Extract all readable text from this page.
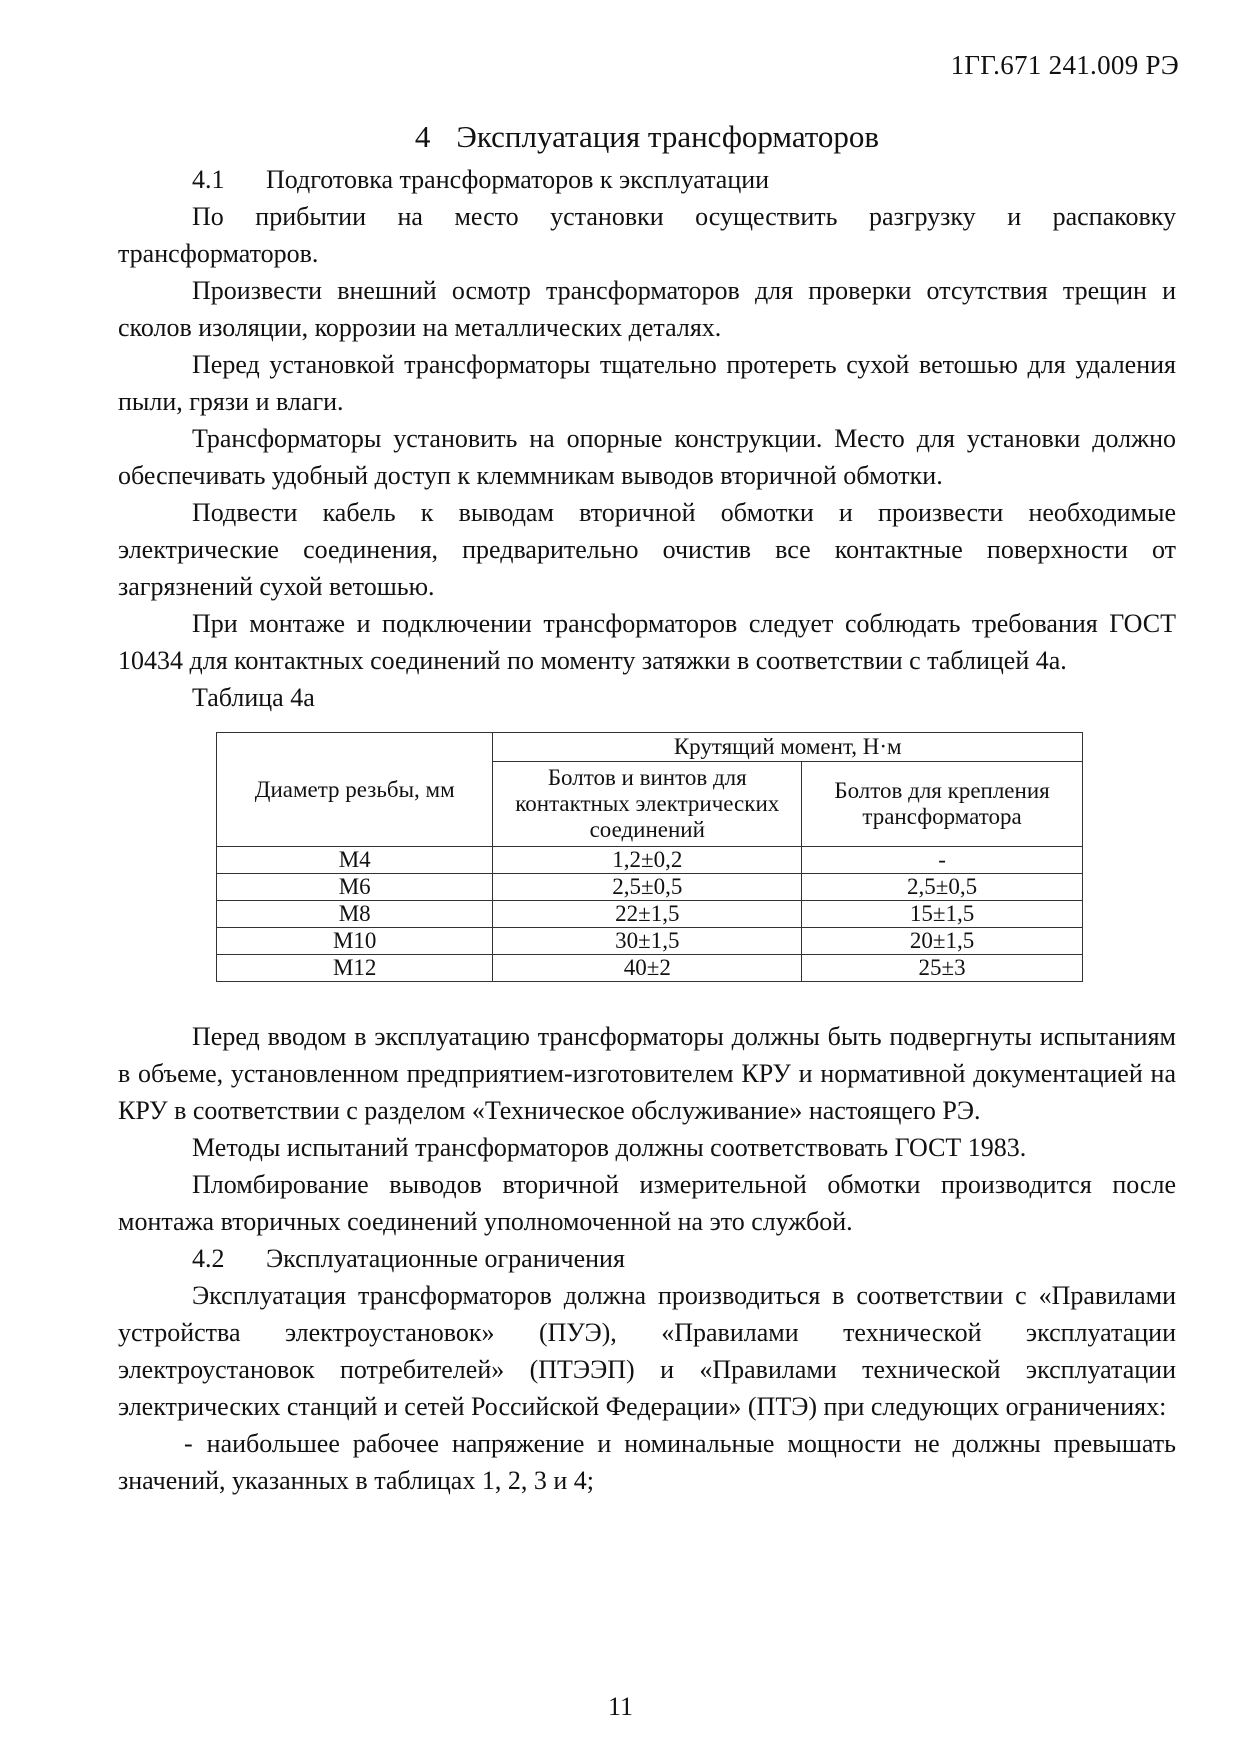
1ГГ.671 241.009 РЭ
4 Эксплуатация трансформаторов
4.1 Подготовка трансформаторов к эксплуатации

По прибытии на место установки осуществить разгрузку и распаковку трансформаторов.

Произвести внешний осмотр трансформаторов для проверки отсутствия трещин и сколов изоляции, коррозии на металлических деталях.

Перед установкой трансформаторы тщательно протереть сухой ветошью для удаления пыли, грязи и влаги.

Трансформаторы установить на опорные конструкции. Место для установки должно обеспечивать удобный доступ к клеммникам выводов вторичной обмотки.

Подвести кабель к выводам вторичной обмотки и произвести необходимые электрические соединения, предварительно очистив все контактные поверхности от загрязнений сухой ветошью.

При монтаже и подключении трансформаторов следует соблюдать требования ГОСТ 10434 для контактных соединений по моменту затяжки в соответствии с таблицей 4а.

Таблица 4а
Диаметр резьбы, мм	Крутящий момент, Н·м	
	Болтов и винтов для контактных электрических соединений	Болтов для крепления трансформатора
М4	1,2±0,2	-
М6	2,5±0,5	2,5±0,5
М8	22±1,5	15±1,5
М10	30±1,5	20±1,5
М12	40±2	25±3

Перед вводом в эксплуатацию трансформаторы должны быть подвергнуты испытаниям в объеме, установленном предприятием-изготовителем КРУ и нормативной документацией на КРУ в соответствии с разделом «Техническое обслуживание» настоящего РЭ.

Методы испытаний трансформаторов должны соответствовать ГОСТ 1983.

Пломбирование выводов вторичной измерительной обмотки производится после монтажа вторичных соединений уполномоченной на это службой.

4.2 Эксплуатационные ограничения

Эксплуатация трансформаторов должна производиться в соответствии с «Правилами устройства электроустановок» (ПУЭ), «Правилами технической эксплуатации электроустановок потребителей» (ПТЭЭП) и «Правилами технической эксплуатации электрических станций и сетей Российской Федерации» (ПТЭ) при следующих ограничениях:

- наибольшее рабочее напряжение и номинальные мощности не должны превышать значений, указанных в таблицах 1, 2, 3 и 4;

11
